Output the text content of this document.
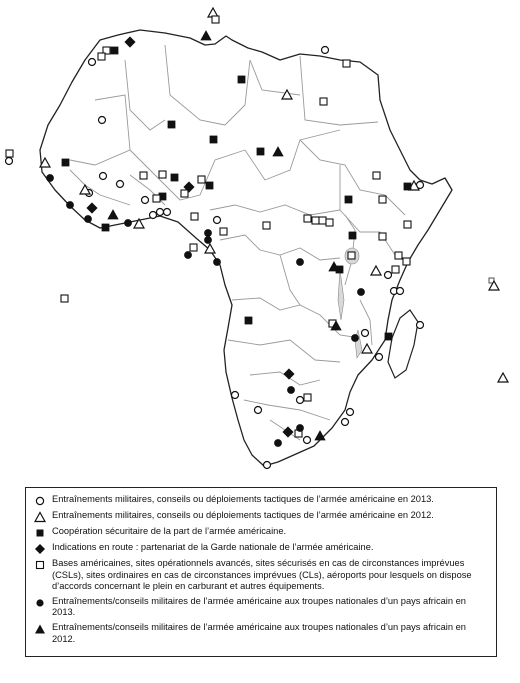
Entraînements militaires, conseils ou déploiements tactiques de l’armée américaine en 2013.
Entraînements militaires, conseils ou déploiements tactiques de l’armée américaine en 2012.
Coopération sécuritaire de la part de l’armée américaine.
Indications en route : partenariat de la Garde nationale de l’armée américaine.
Bases américaines, sites opérationnels avancés, sites sécurisés en cas de circonstances imprévues (CSLs), sites ordinaires en cas de circonstances imprévues (CLs), aéroports pour lesquels on dispose d’accords concernant le plein en carburant et autres équipements.
Entraînements/conseils militaires de l’armée américaine aux troupes nationales d’un pays africain en 2013.
Entraînements/conseils militaires de l’armée américaine aux troupes nationales d’un pays africain en 2012.
